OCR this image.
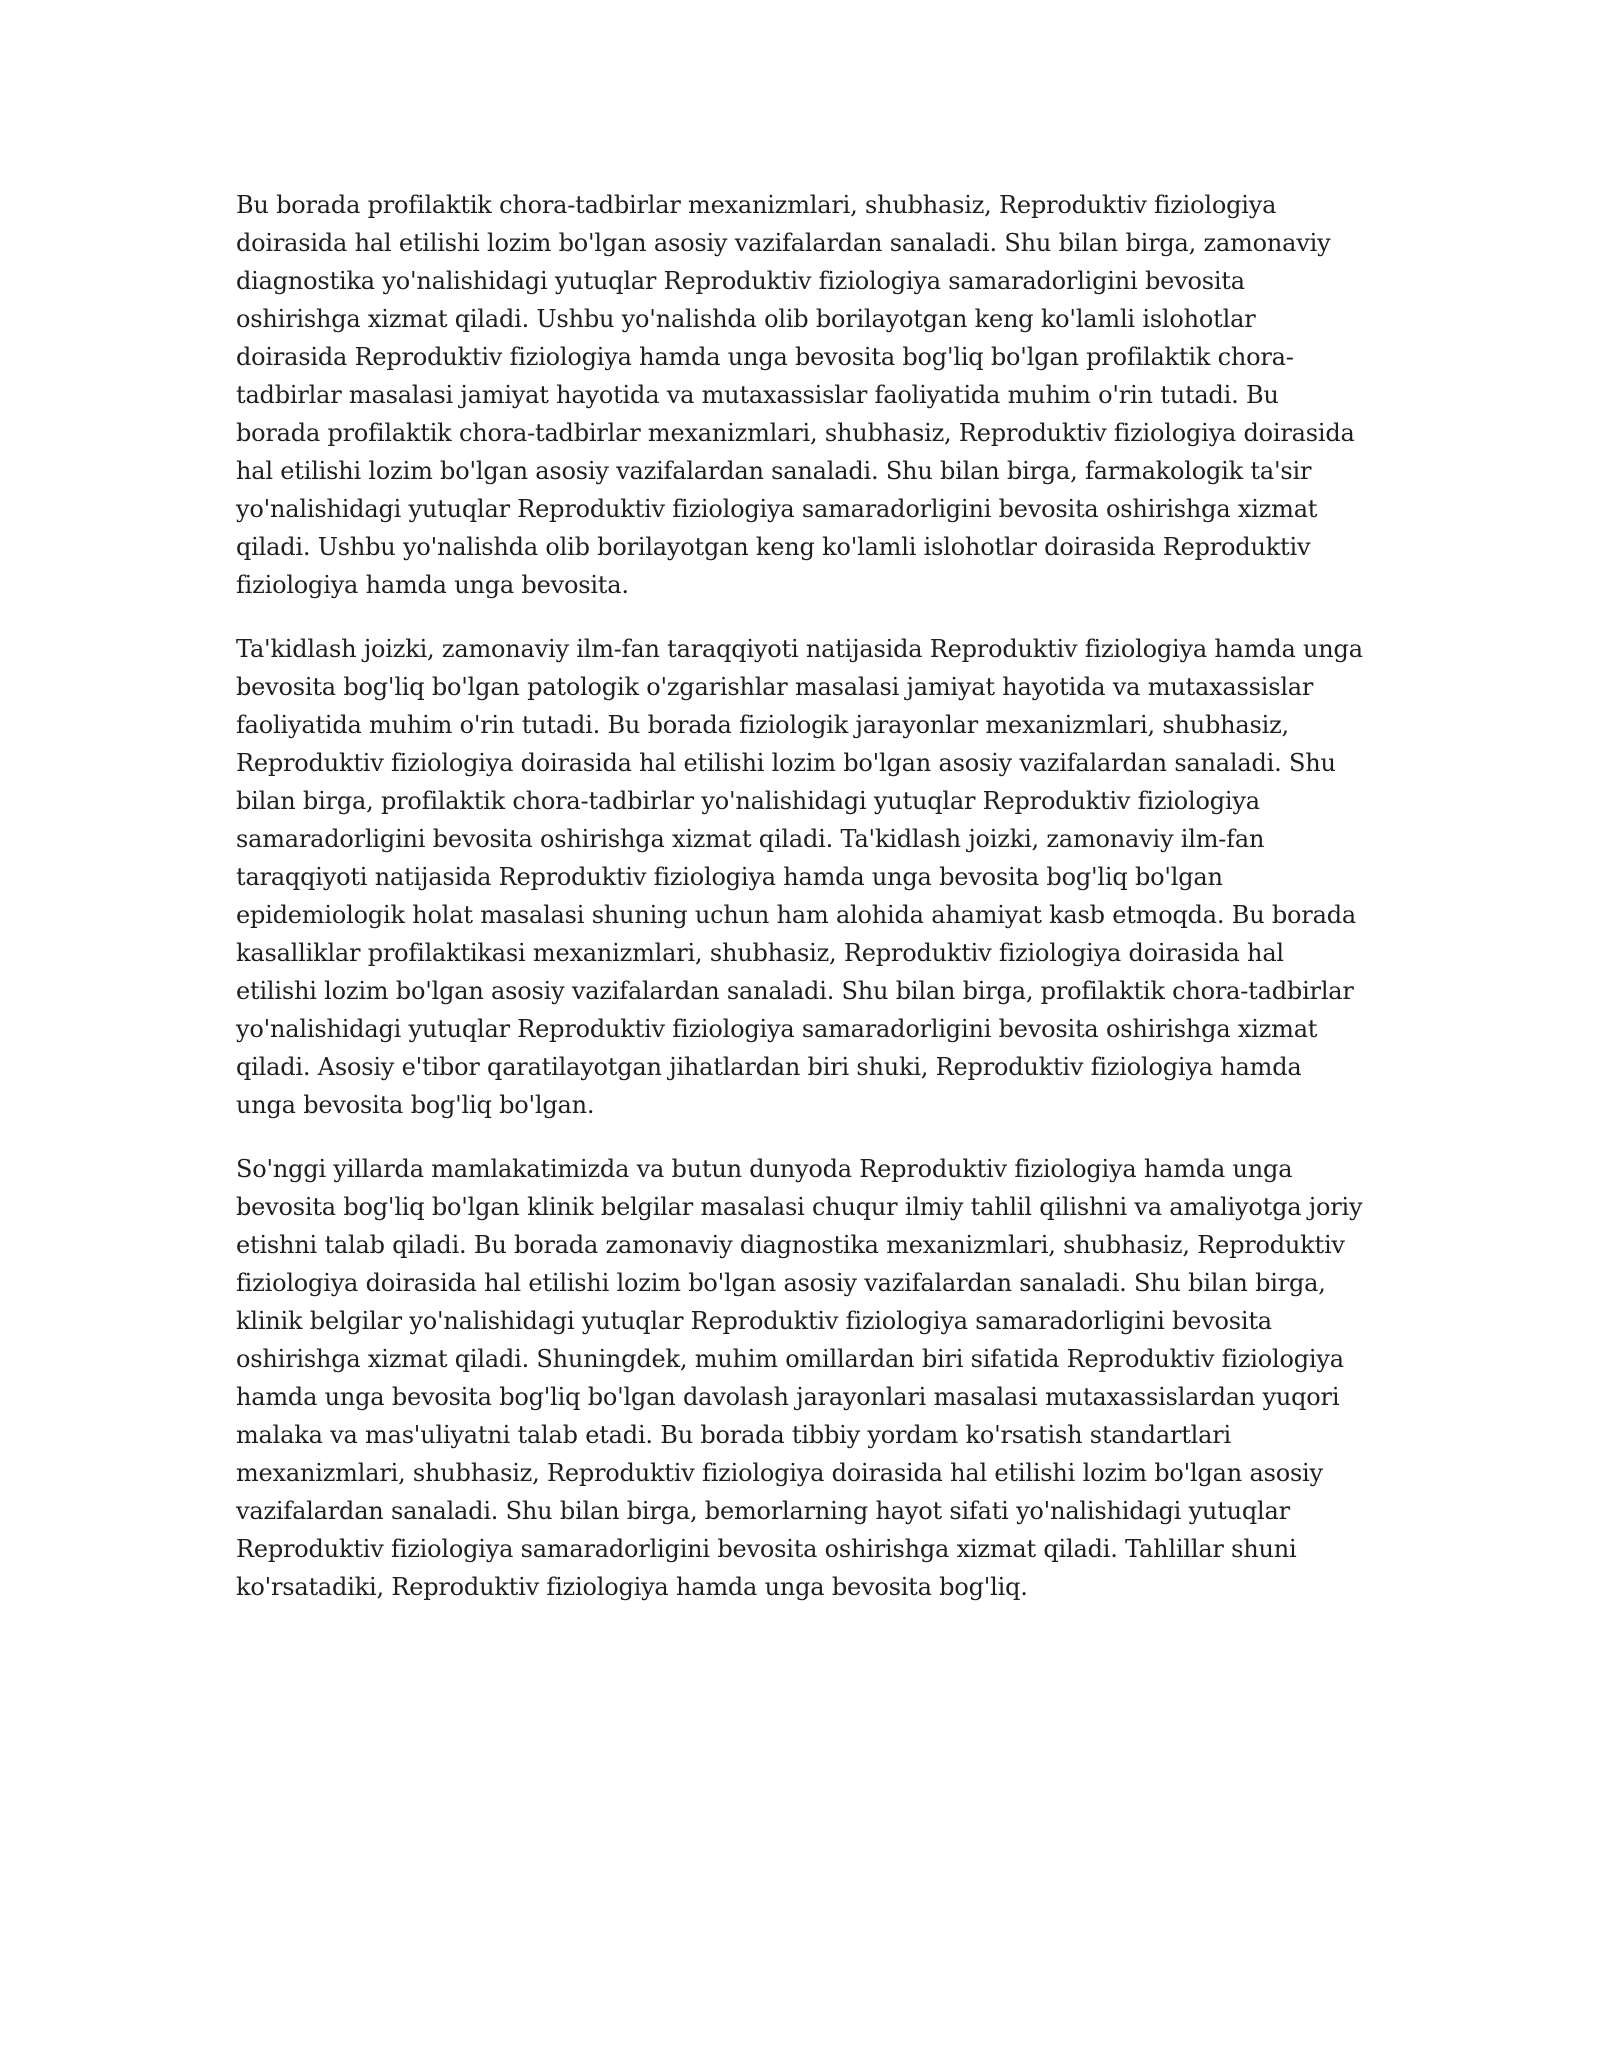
Bu borada profilaktik chora-tadbirlar mexanizmlari, shubhasiz, Reproduktiv fiziologiya doirasida hal etilishi lozim bo'lgan asosiy vazifalardan sanaladi. Shu bilan birga, zamonaviy diagnostika yo'nalishidagi yutuqlar Reproduktiv fiziologiya samaradorligini bevosita oshirishga xizmat qiladi. Ushbu yo'nalishda olib borilayotgan keng ko'lamli islohotlar doirasida Reproduktiv fiziologiya hamda unga bevosita bog'liq bo'lgan profilaktik chora-tadbirlar masalasi jamiyat hayotida va mutaxassislar faoliyatida muhim o'rin tutadi. Bu borada profilaktik chora-tadbirlar mexanizmlari, shubhasiz, Reproduktiv fiziologiya doirasida hal etilishi lozim bo'lgan asosiy vazifalardan sanaladi. Shu bilan birga, farmakologik ta'sir yo'nalishidagi yutuqlar Reproduktiv fiziologiya samaradorligini bevosita oshirishga xizmat qiladi. Ushbu yo'nalishda olib borilayotgan keng ko'lamli islohotlar doirasida Reproduktiv fiziologiya hamda unga bevosita.

Ta'kidlash joizki, zamonaviy ilm-fan taraqqiyoti natijasida Reproduktiv fiziologiya hamda unga bevosita bog'liq bo'lgan patologik o'zgarishlar masalasi jamiyat hayotida va mutaxassislar faoliyatida muhim o'rin tutadi. Bu borada fiziologik jarayonlar mexanizmlari, shubhasiz, Reproduktiv fiziologiya doirasida hal etilishi lozim bo'lgan asosiy vazifalardan sanaladi. Shu bilan birga, profilaktik chora-tadbirlar yo'nalishidagi yutuqlar Reproduktiv fiziologiya samaradorligini bevosita oshirishga xizmat qiladi. Ta'kidlash joizki, zamonaviy ilm-fan taraqqiyoti natijasida Reproduktiv fiziologiya hamda unga bevosita bog'liq bo'lgan epidemiologik holat masalasi shuning uchun ham alohida ahamiyat kasb etmoqda. Bu borada kasalliklar profilaktikasi mexanizmlari, shubhasiz, Reproduktiv fiziologiya doirasida hal etilishi lozim bo'lgan asosiy vazifalardan sanaladi. Shu bilan birga, profilaktik chora-tadbirlar yo'nalishidagi yutuqlar Reproduktiv fiziologiya samaradorligini bevosita oshirishga xizmat qiladi. Asosiy e'tibor qaratilayotgan jihatlardan biri shuki, Reproduktiv fiziologiya hamda unga bevosita bog'liq bo'lgan.

So'nggi yillarda mamlakatimizda va butun dunyoda Reproduktiv fiziologiya hamda unga bevosita bog'liq bo'lgan klinik belgilar masalasi chuqur ilmiy tahlil qilishni va amaliyotga joriy etishni talab qiladi. Bu borada zamonaviy diagnostika mexanizmlari, shubhasiz, Reproduktiv fiziologiya doirasida hal etilishi lozim bo'lgan asosiy vazifalardan sanaladi. Shu bilan birga, klinik belgilar yo'nalishidagi yutuqlar Reproduktiv fiziologiya samaradorligini bevosita oshirishga xizmat qiladi. Shuningdek, muhim omillardan biri sifatida Reproduktiv fiziologiya hamda unga bevosita bog'liq bo'lgan davolash jarayonlari masalasi mutaxassislardan yuqori malaka va mas'uliyatni talab etadi. Bu borada tibbiy yordam ko'rsatish standartlari mexanizmlari, shubhasiz, Reproduktiv fiziologiya doirasida hal etilishi lozim bo'lgan asosiy vazifalardan sanaladi. Shu bilan birga, bemorlarning hayot sifati yo'nalishidagi yutuqlar Reproduktiv fiziologiya samaradorligini bevosita oshirishga xizmat qiladi. Tahlillar shuni ko'rsatadiki, Reproduktiv fiziologiya hamda unga bevosita bog'liq.
